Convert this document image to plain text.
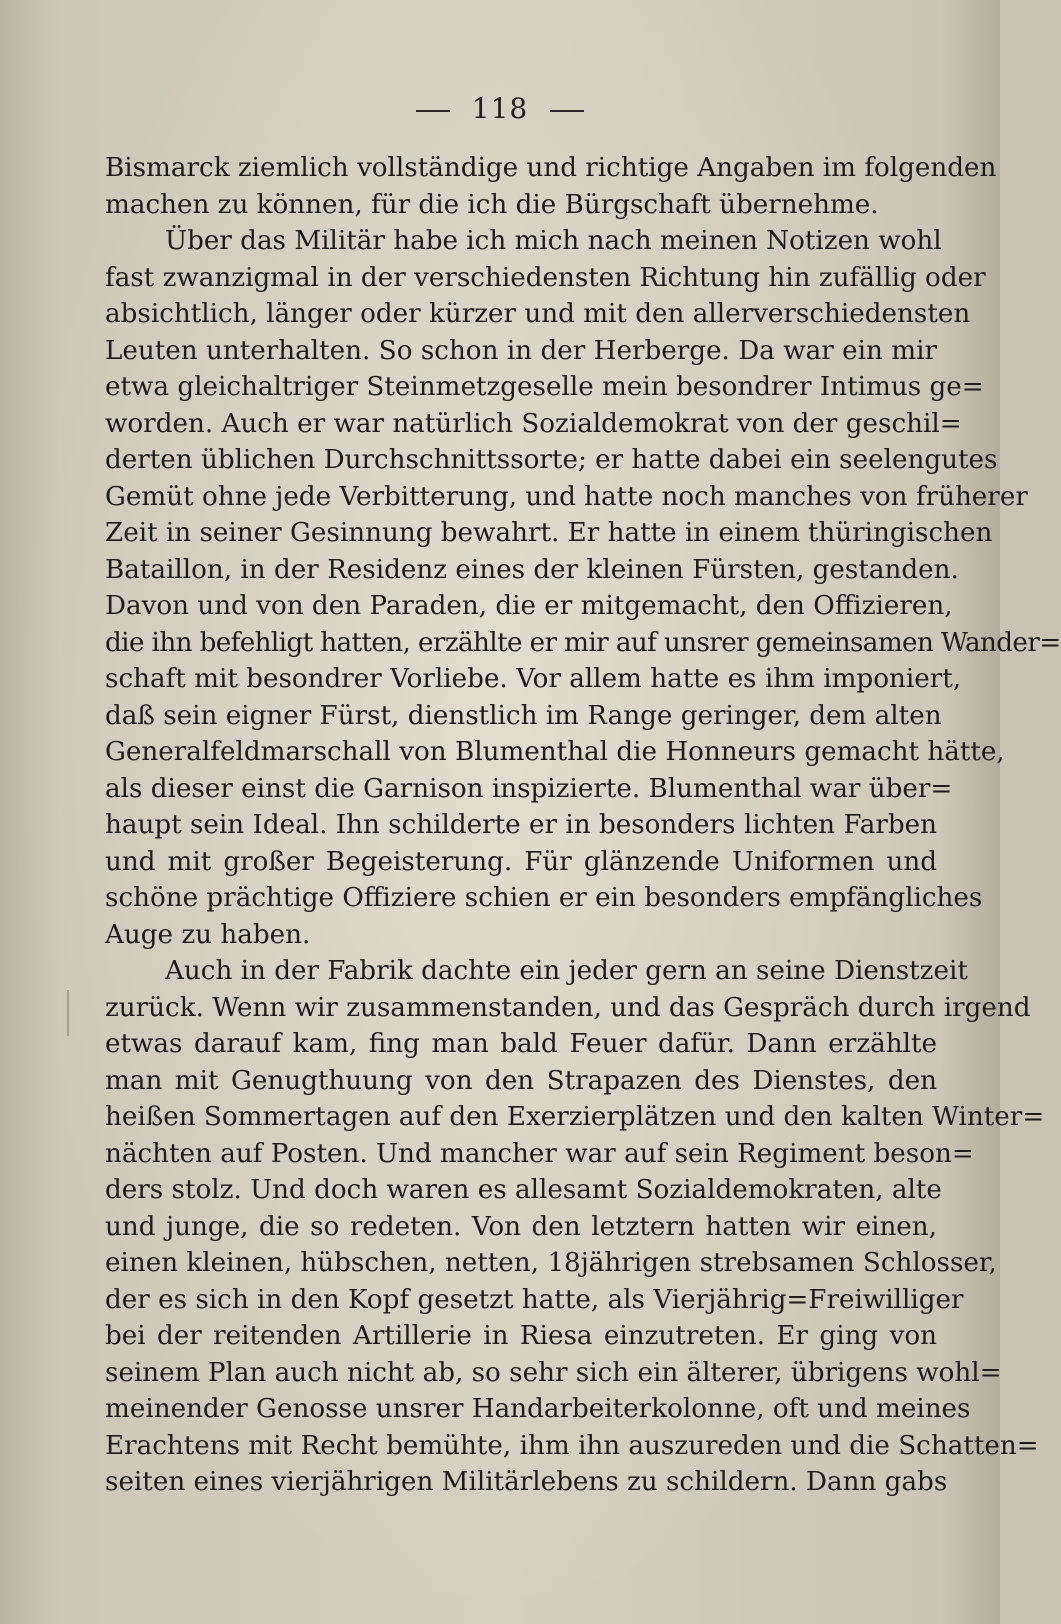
118
Bismarck ziemlich vollständige und richtige Angaben im folgenden
machen zu können, für die ich die Bürgschaft übernehme.
Über das Militär habe ich mich nach meinen Notizen wohl
fast zwanzigmal in der verschiedensten Richtung hin zufällig oder
absichtlich, länger oder kürzer und mit den allerverschiedensten
Leuten unterhalten. So schon in der Herberge. Da war ein mir
etwa gleichaltriger Steinmetzgeselle mein besondrer Intimus ge=
worden. Auch er war natürlich Sozialdemokrat von der geschil=
derten üblichen Durchschnittssorte; er hatte dabei ein seelengutes
Gemüt ohne jede Verbitterung, und hatte noch manches von früherer
Zeit in seiner Gesinnung bewahrt. Er hatte in einem thüringischen
Bataillon, in der Residenz eines der kleinen Fürsten, gestanden.
Davon und von den Paraden, die er mitgemacht, den Offizieren,
die ihn befehligt hatten, erzählte er mir auf unsrer gemeinsamen Wander=
schaft mit besondrer Vorliebe. Vor allem hatte es ihm imponiert,
daß sein eigner Fürst, dienstlich im Range geringer, dem alten
Generalfeldmarschall von Blumenthal die Honneurs gemacht hätte,
als dieser einst die Garnison inspizierte. Blumenthal war über=
haupt sein Ideal. Ihn schilderte er in besonders lichten Farben
und mit großer Begeisterung. Für glänzende Uniformen und
schöne prächtige Offiziere schien er ein besonders empfängliches
Auge zu haben.
Auch in der Fabrik dachte ein jeder gern an seine Dienstzeit
zurück. Wenn wir zusammenstanden, und das Gespräch durch irgend
etwas darauf kam, fing man bald Feuer dafür. Dann erzählte
man mit Genugthuung von den Strapazen des Dienstes, den
heißen Sommertagen auf den Exerzierplätzen und den kalten Winter=
nächten auf Posten. Und mancher war auf sein Regiment beson=
ders stolz. Und doch waren es allesamt Sozialdemokraten, alte
und junge, die so redeten. Von den letztern hatten wir einen,
einen kleinen, hübschen, netten, 18jährigen strebsamen Schlosser,
der es sich in den Kopf gesetzt hatte, als Vierjährig=Freiwilliger
bei der reitenden Artillerie in Riesa einzutreten. Er ging von
seinem Plan auch nicht ab, so sehr sich ein älterer, übrigens wohl=
meinender Genosse unsrer Handarbeiterkolonne, oft und meines
Erachtens mit Recht bemühte, ihm ihn auszureden und die Schatten=
seiten eines vierjährigen Militärlebens zu schildern. Dann gabs
